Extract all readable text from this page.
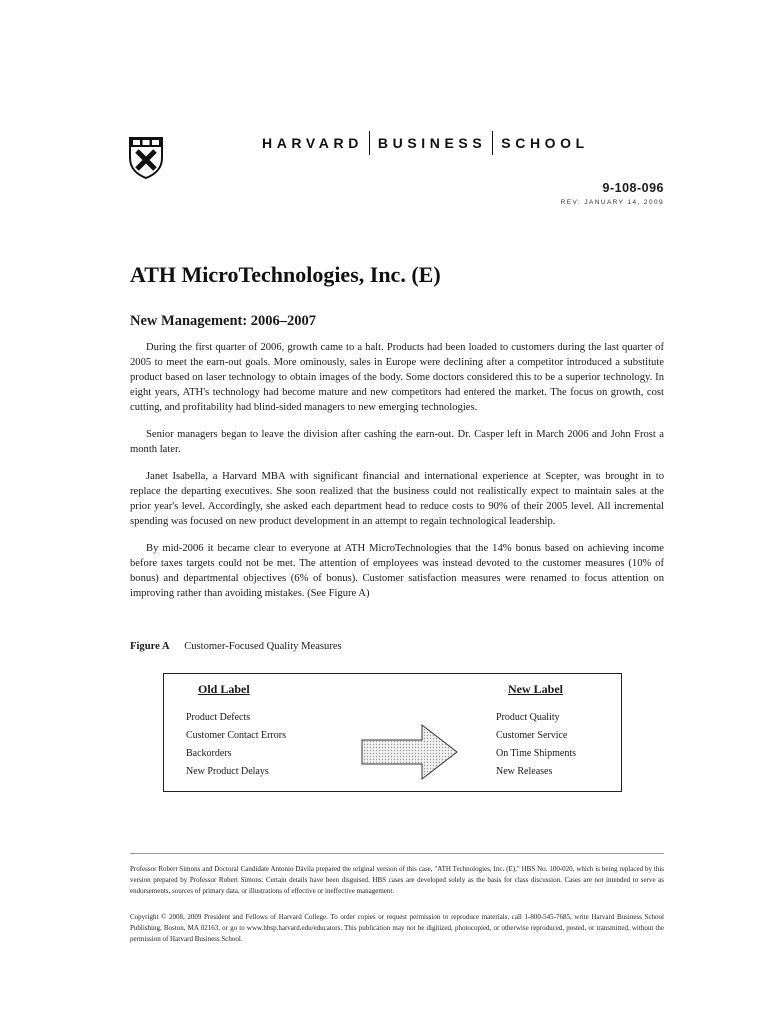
HARVARD BUSINESS SCHOOL
9-108-096
REV: JANUARY 14, 2009
ATH MicroTechnologies, Inc. (E)
New Management: 2006–2007

During the first quarter of 2006, growth came to a halt. Products had been loaded to customers during the last quarter of 2005 to meet the earn-out goals. More ominously, sales in Europe were declining after a competitor introduced a substitute product based on laser technology to obtain images of the body. Some doctors considered this to be a superior technology. In eight years, ATH's technology had become mature and new competitors had entered the market. The focus on growth, cost cutting, and profitability had blind-sided managers to new emerging technologies.

Senior managers began to leave the division after cashing the earn-out. Dr. Casper left in March 2006 and John Frost a month later.

Janet Isabella, a Harvard MBA with significant financial and international experience at Scepter, was brought in to replace the departing executives. She soon realized that the business could not realistically expect to maintain sales at the prior year's level. Accordingly, she asked each department head to reduce costs to 90% of their 2005 level. All incremental spending was focused on new product development in an attempt to regain technological leadership.

By mid-2006 it became clear to everyone at ATH MicroTechnologies that the 14% bonus based on achieving income before taxes targets could not be met. The attention of employees was instead devoted to the customer measures (10% of bonus) and departmental objectives (6% of bonus). Customer satisfaction measures were renamed to focus attention on improving rather than avoiding mistakes. (See Figure A)

Figure A Customer-Focused Quality Measures
Old Label
Product Defects
Customer Contact Errors
Backorders
New Product Delays
New Label
Product Quality
Customer Service
On Time Shipments
New Releases

Professor Robert Simons and Doctoral Candidate Antonio Dávila prepared the original version of this case, "ATH Technologies, Inc. (E)," HBS No. 100-020, which is being replaced by this version prepared by Professor Robert Simons. Certain details have been disguised. HBS cases are developed solely as the basis for class discussion. Cases are not intended to serve as endorsements, sources of primary data, or illustrations of effective or ineffective management.

Copyright © 2008, 2009 President and Fellows of Harvard College. To order copies or request permission to reproduce materials, call 1-800-545-7685, write Harvard Business School Publishing, Boston, MA 02163, or go to www.hbsp.harvard.edu/educators. This publication may not be digitized, photocopied, or otherwise reproduced, posted, or transmitted, without the permission of Harvard Business School.
